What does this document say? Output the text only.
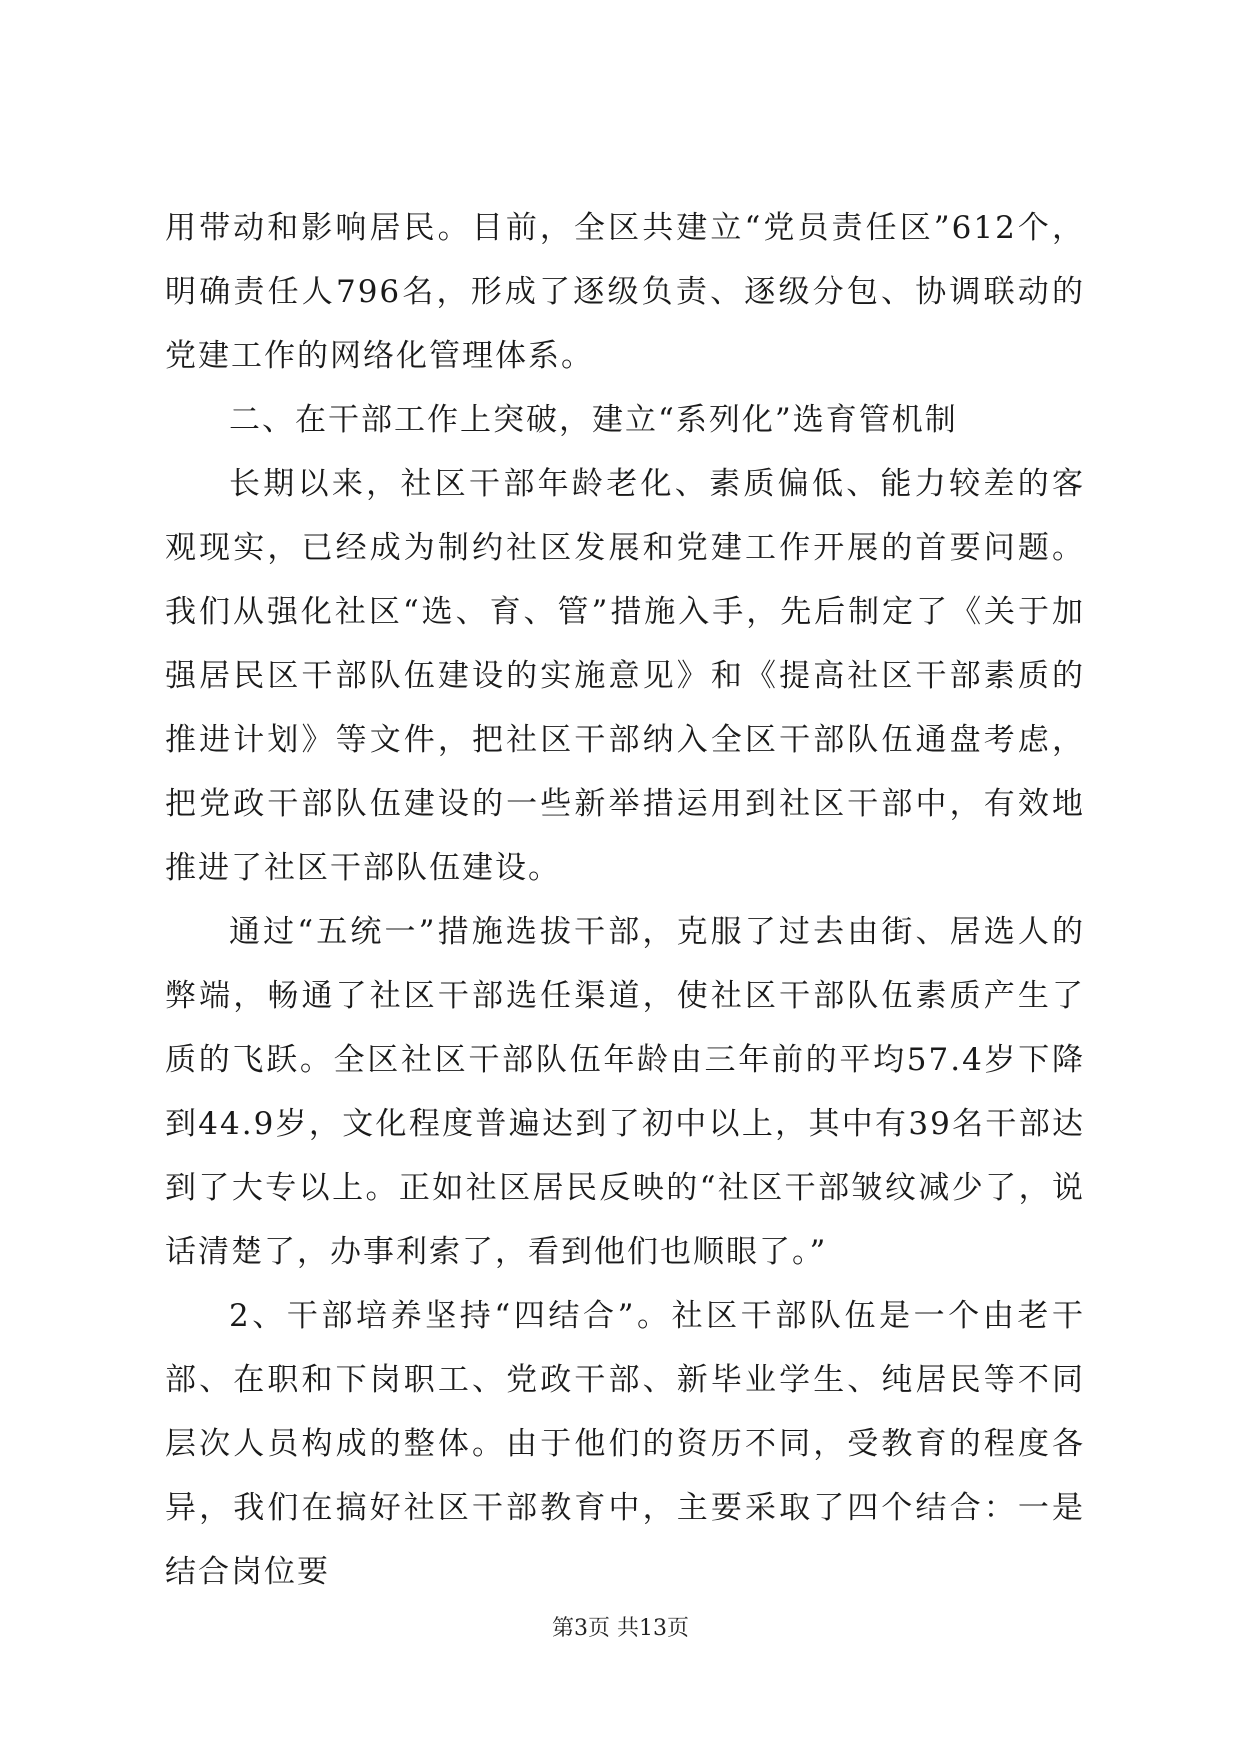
用带动和影响居民。目前，全区共建立“党员责任区”612个，明确责任人796名，形成了逐级负责、逐级分包、协调联动的党建工作的网络化管理体系。

二、在干部工作上突破，建立“系列化”选育管机制

长期以来，社区干部年龄老化、素质偏低、能力较差的客观现实，已经成为制约社区发展和党建工作开展的首要问题。我们从强化社区“选、育、管”措施入手，先后制定了《关于加强居民区干部队伍建设的实施意见》和《提高社区干部素质的推进计划》等文件，把社区干部纳入全区干部队伍通盘考虑，把党政干部队伍建设的一些新举措运用到社区干部中，有效地推进了社区干部队伍建设。

通过“五统一”措施选拔干部，克服了过去由街、居选人的弊端，畅通了社区干部选任渠道，使社区干部队伍素质产生了质的飞跃。全区社区干部队伍年龄由三年前的平均57.4岁下降到44.9岁，文化程度普遍达到了初中以上，其中有39名干部达到了大专以上。正如社区居民反映的“社区干部皱纹减少了，说话清楚了，办事利索了，看到他们也顺眼了。”

2、干部培养坚持“四结合”。社区干部队伍是一个由老干部、在职和下岗职工、党政干部、新毕业学生、纯居民等不同层次人员构成的整体。由于他们的资历不同，受教育的程度各异，我们在搞好社区干部教育中，主要采取了四个结合：一是结合岗位要

第3页 共13页
